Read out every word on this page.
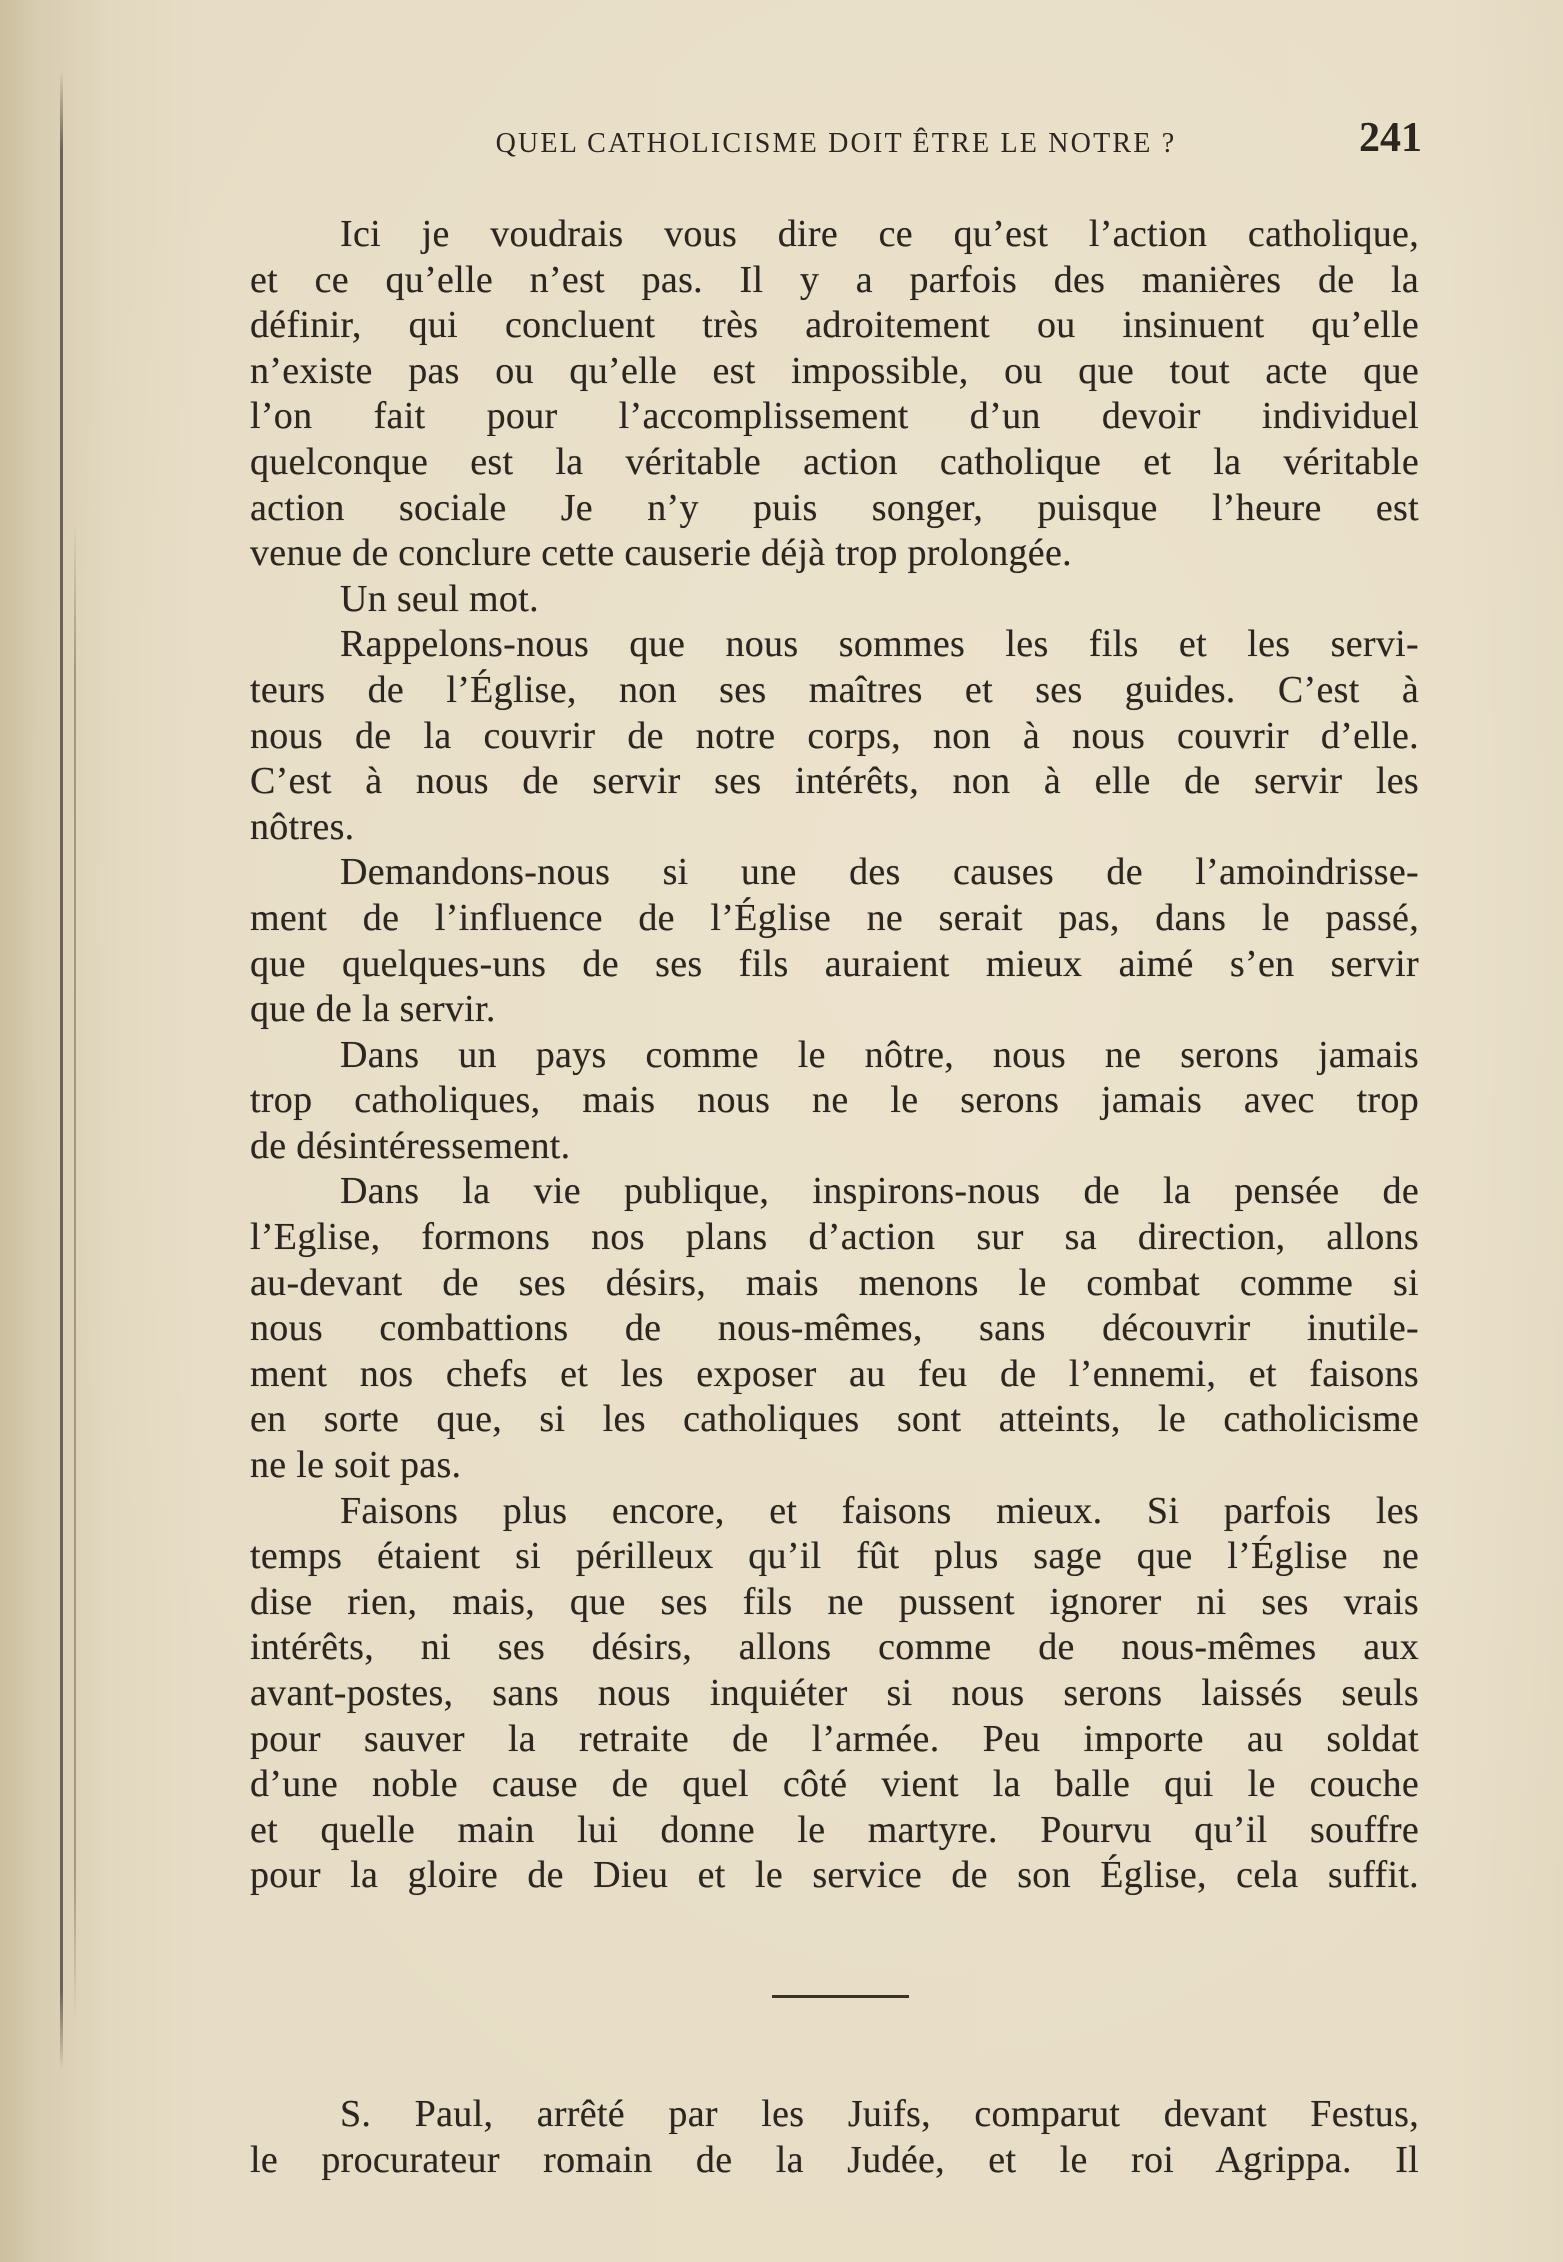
QUEL CATHOLICISME DOIT ÊTRE LE NOTRE ?	241
Ici je voudrais vous dire ce qu’est l’action catholique,
et ce qu’elle n’est pas. Il y a parfois des manières de la
définir, qui concluent très adroitement ou insinuent qu’elle
n’existe pas ou qu’elle est impossible, ou que tout acte que
l’on fait pour l’accomplissement d’un devoir individuel
quelconque est la véritable action catholique et la véritable
action sociale Je n’y puis songer, puisque l’heure est
venue de conclure cette causerie déjà trop prolongée.
Un seul mot.
Rappelons-nous que nous sommes les fils et les servi-
teurs de l’Église, non ses maîtres et ses guides. C’est à
nous de la couvrir de notre corps, non à nous couvrir d’elle.
C’est à nous de servir ses intérêts, non à elle de servir les
nôtres.
Demandons-nous si une des causes de l’amoindrisse-
ment de l’influence de l’Église ne serait pas, dans le passé,
que quelques-uns de ses fils auraient mieux aimé s’en servir
que de la servir.
Dans un pays comme le nôtre, nous ne serons jamais
trop catholiques, mais nous ne le serons jamais avec trop
de désintéressement.
Dans la vie publique, inspirons-nous de la pensée de
l’Eglise, formons nos plans d’action sur sa direction, allons
au-devant de ses désirs, mais menons le combat comme si
nous combattions de nous-mêmes, sans découvrir inutile-
ment nos chefs et les exposer au feu de l’ennemi, et faisons
en sorte que, si les catholiques sont atteints, le catholicisme
ne le soit pas.
Faisons plus encore, et faisons mieux. Si parfois les
temps étaient si périlleux qu’il fût plus sage que l’Église ne
dise rien, mais, que ses fils ne pussent ignorer ni ses vrais
intérêts, ni ses désirs, allons comme de nous-mêmes aux
avant-postes, sans nous inquiéter si nous serons laissés seuls
pour sauver la retraite de l’armée. Peu importe au soldat
d’une noble cause de quel côté vient la balle qui le couche
et quelle main lui donne le martyre. Pourvu qu’il souffre
pour la gloire de Dieu et le service de son Église, cela suffit.
S. Paul, arrêté par les Juifs, comparut devant Festus,
le procurateur romain de la Judée, et le roi Agrippa. Il
